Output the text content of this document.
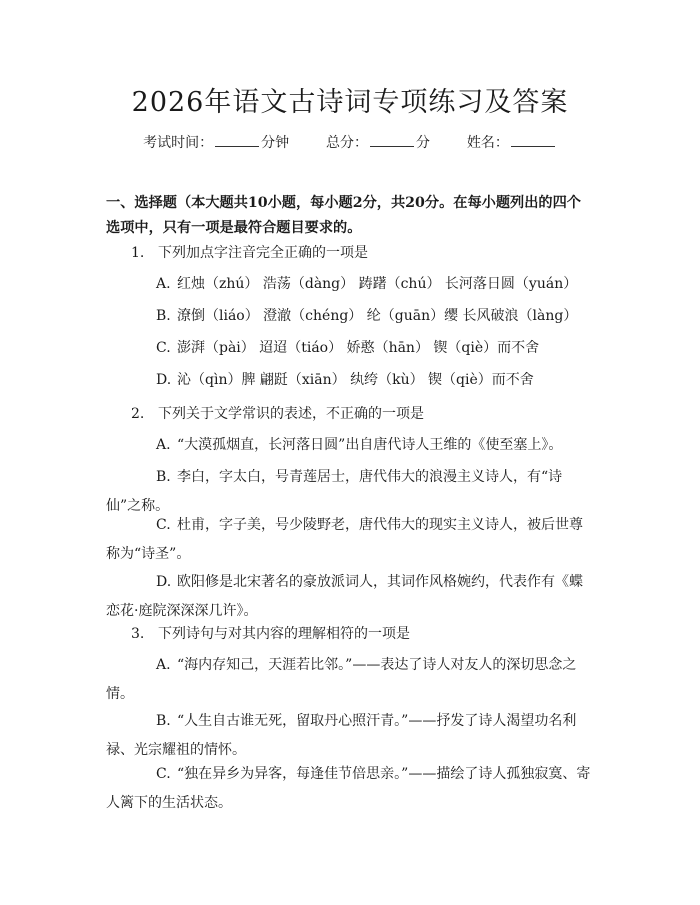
2026年语文古诗词专项练习及答案
考试时间：	分钟	总分：	分	姓名：

一、选择题（本大题共10小题，每小题2分，共20分。在每小题列出的四个选项中，只有一项是最符合题目要求的。

1. 下列加点字注音完全正确的一项是
A. 红烛（zhú） 浩荡（dàng） 踌躇（chú） 长河落日圆（yuán）
B. 潦倒（liáo） 澄澈（chéng） 纶（guān）缨 长风破浪（làng）
C. 澎湃（pài） 迢迢（tiáo） 娇憨（hān） 锲（qiè）而不舍
D. 沁（qìn）脾 翩跹（xiān） 纨绔（kù） 锲（qiè）而不舍
2. 下列关于文学常识的表述，不正确的一项是
A. “大漠孤烟直，长河落日圆”出自唐代诗人王维的《使至塞上》。
B. 李白，字太白，号青莲居士，唐代伟大的浪漫主义诗人，有“诗仙”之称。
C. 杜甫，字子美，号少陵野老，唐代伟大的现实主义诗人，被后世尊称为“诗圣”。
D. 欧阳修是北宋著名的豪放派词人，其词作风格婉约，代表作有《蝶恋花·庭院深深深几许》。
3. 下列诗句与对其内容的理解相符的一项是
A. “海内存知己，天涯若比邻。”——表达了诗人对友人的深切思念之情。
B. “人生自古谁无死，留取丹心照汗青。”——抒发了诗人渴望功名利禄、光宗耀祖的情怀。
C. “独在异乡为异客，每逢佳节倍思亲。”——描绘了诗人孤独寂寞、寄人篱下的生活状态。
